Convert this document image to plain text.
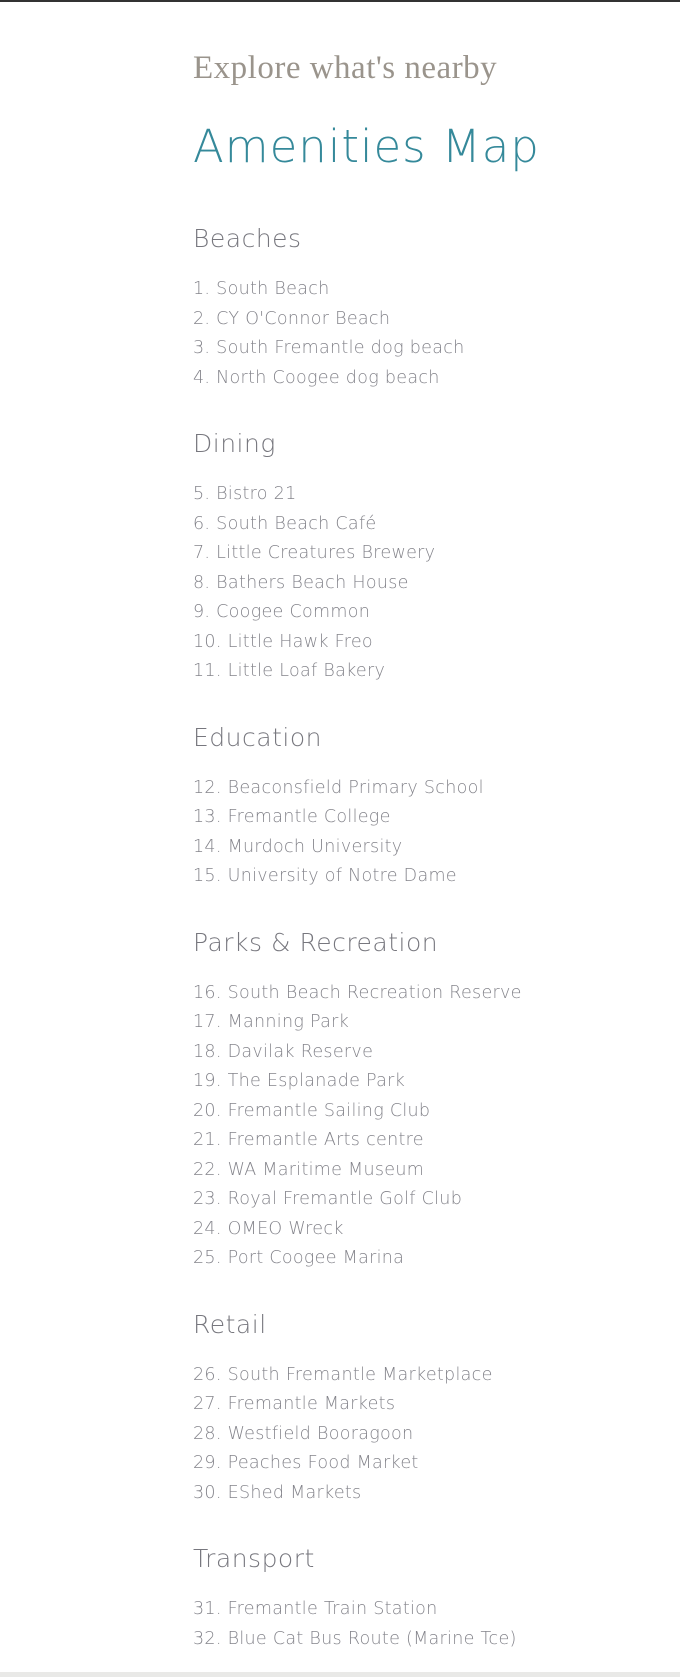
Explore what's nearby
Amenities Map
Beaches
1. South Beach
2. CY O'Connor Beach
3. South Fremantle dog beach
4. North Coogee dog beach
Dining
5. Bistro 21
6. South Beach Café
7. Little Creatures Brewery
8. Bathers Beach House
9. Coogee Common
10. Little Hawk Freo
11. Little Loaf Bakery
Education
12. Beaconsfield Primary School
13. Fremantle College
14. Murdoch University
15. University of Notre Dame
Parks & Recreation
16. South Beach Recreation Reserve
17. Manning Park
18. Davilak Reserve
19. The Esplanade Park
20. Fremantle Sailing Club
21. Fremantle Arts centre
22. WA Maritime Museum
23. Royal Fremantle Golf Club
24. OMEO Wreck
25. Port Coogee Marina
Retail
26. South Fremantle Marketplace
27. Fremantle Markets
28. Westfield Booragoon
29. Peaches Food Market
30. EShed Markets
Transport
31. Fremantle Train Station
32. Blue Cat Bus Route (Marine Tce)
